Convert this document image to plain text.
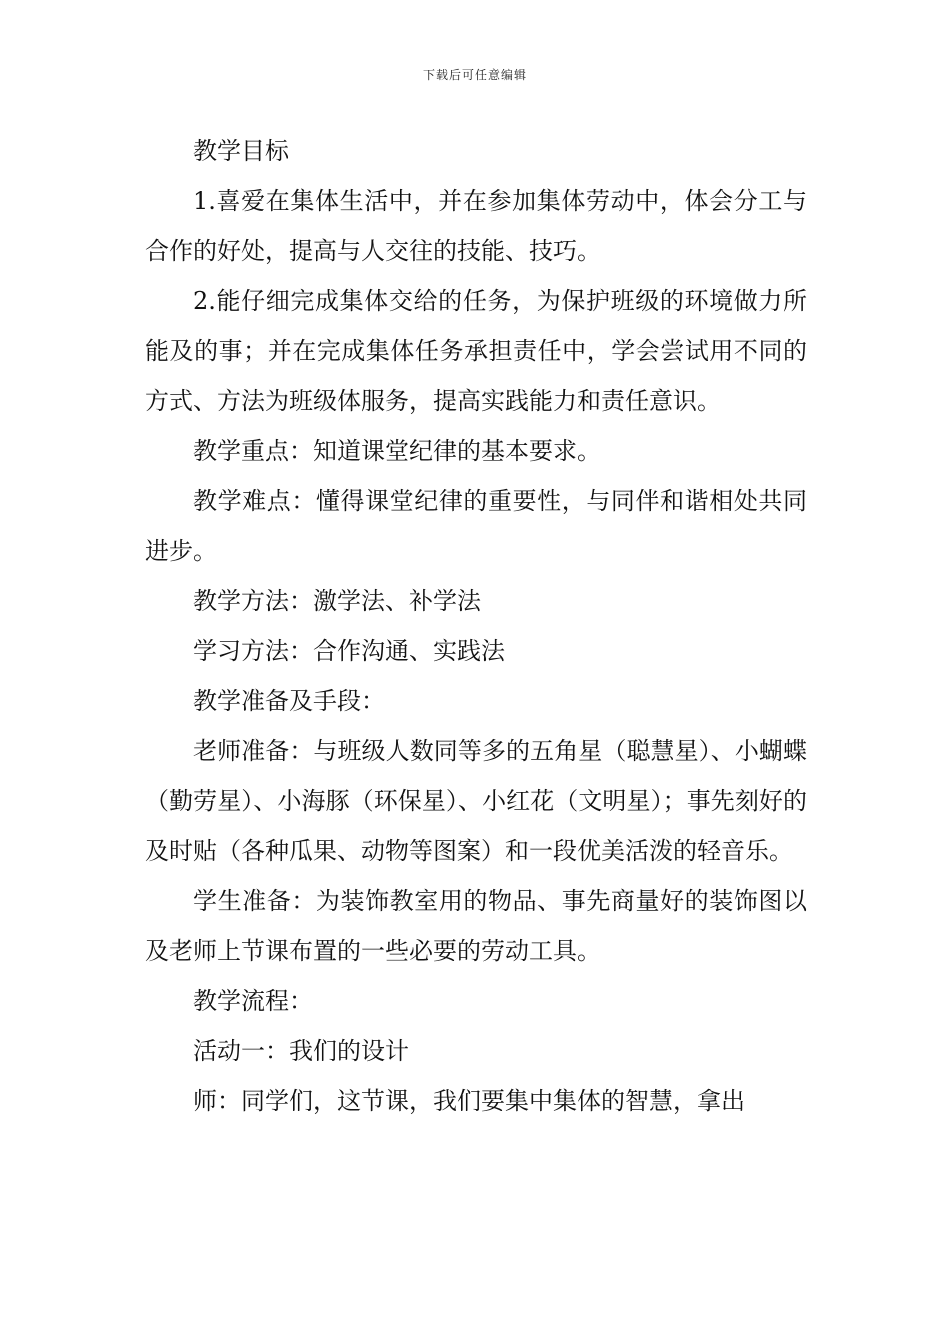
下载后可任意编辑

教学目标

1.喜爱在集体生活中，并在参加集体劳动中，体会分工与合作的好处，提高与人交往的技能、技巧。

2.能仔细完成集体交给的任务，为保护班级的环境做力所能及的事；并在完成集体任务承担责任中，学会尝试用不同的方式、方法为班级体服务，提高实践能力和责任意识。

教学重点：知道课堂纪律的基本要求。

教学难点：懂得课堂纪律的重要性，与同伴和谐相处共同进步。

教学方法：激学法、补学法

学习方法：合作沟通、实践法

教学准备及手段：

老师准备：与班级人数同等多的五角星（聪慧星）、小蝴蝶（勤劳星）、小海豚（环保星）、小红花（文明星）；事先刻好的及时贴（各种瓜果、动物等图案）和一段优美活泼的轻音乐。

学生准备：为装饰教室用的物品、事先商量好的装饰图以及老师上节课布置的一些必要的劳动工具。

教学流程：

活动一：我们的设计

师：同学们，这节课，我们要集中集体的智慧，拿出
